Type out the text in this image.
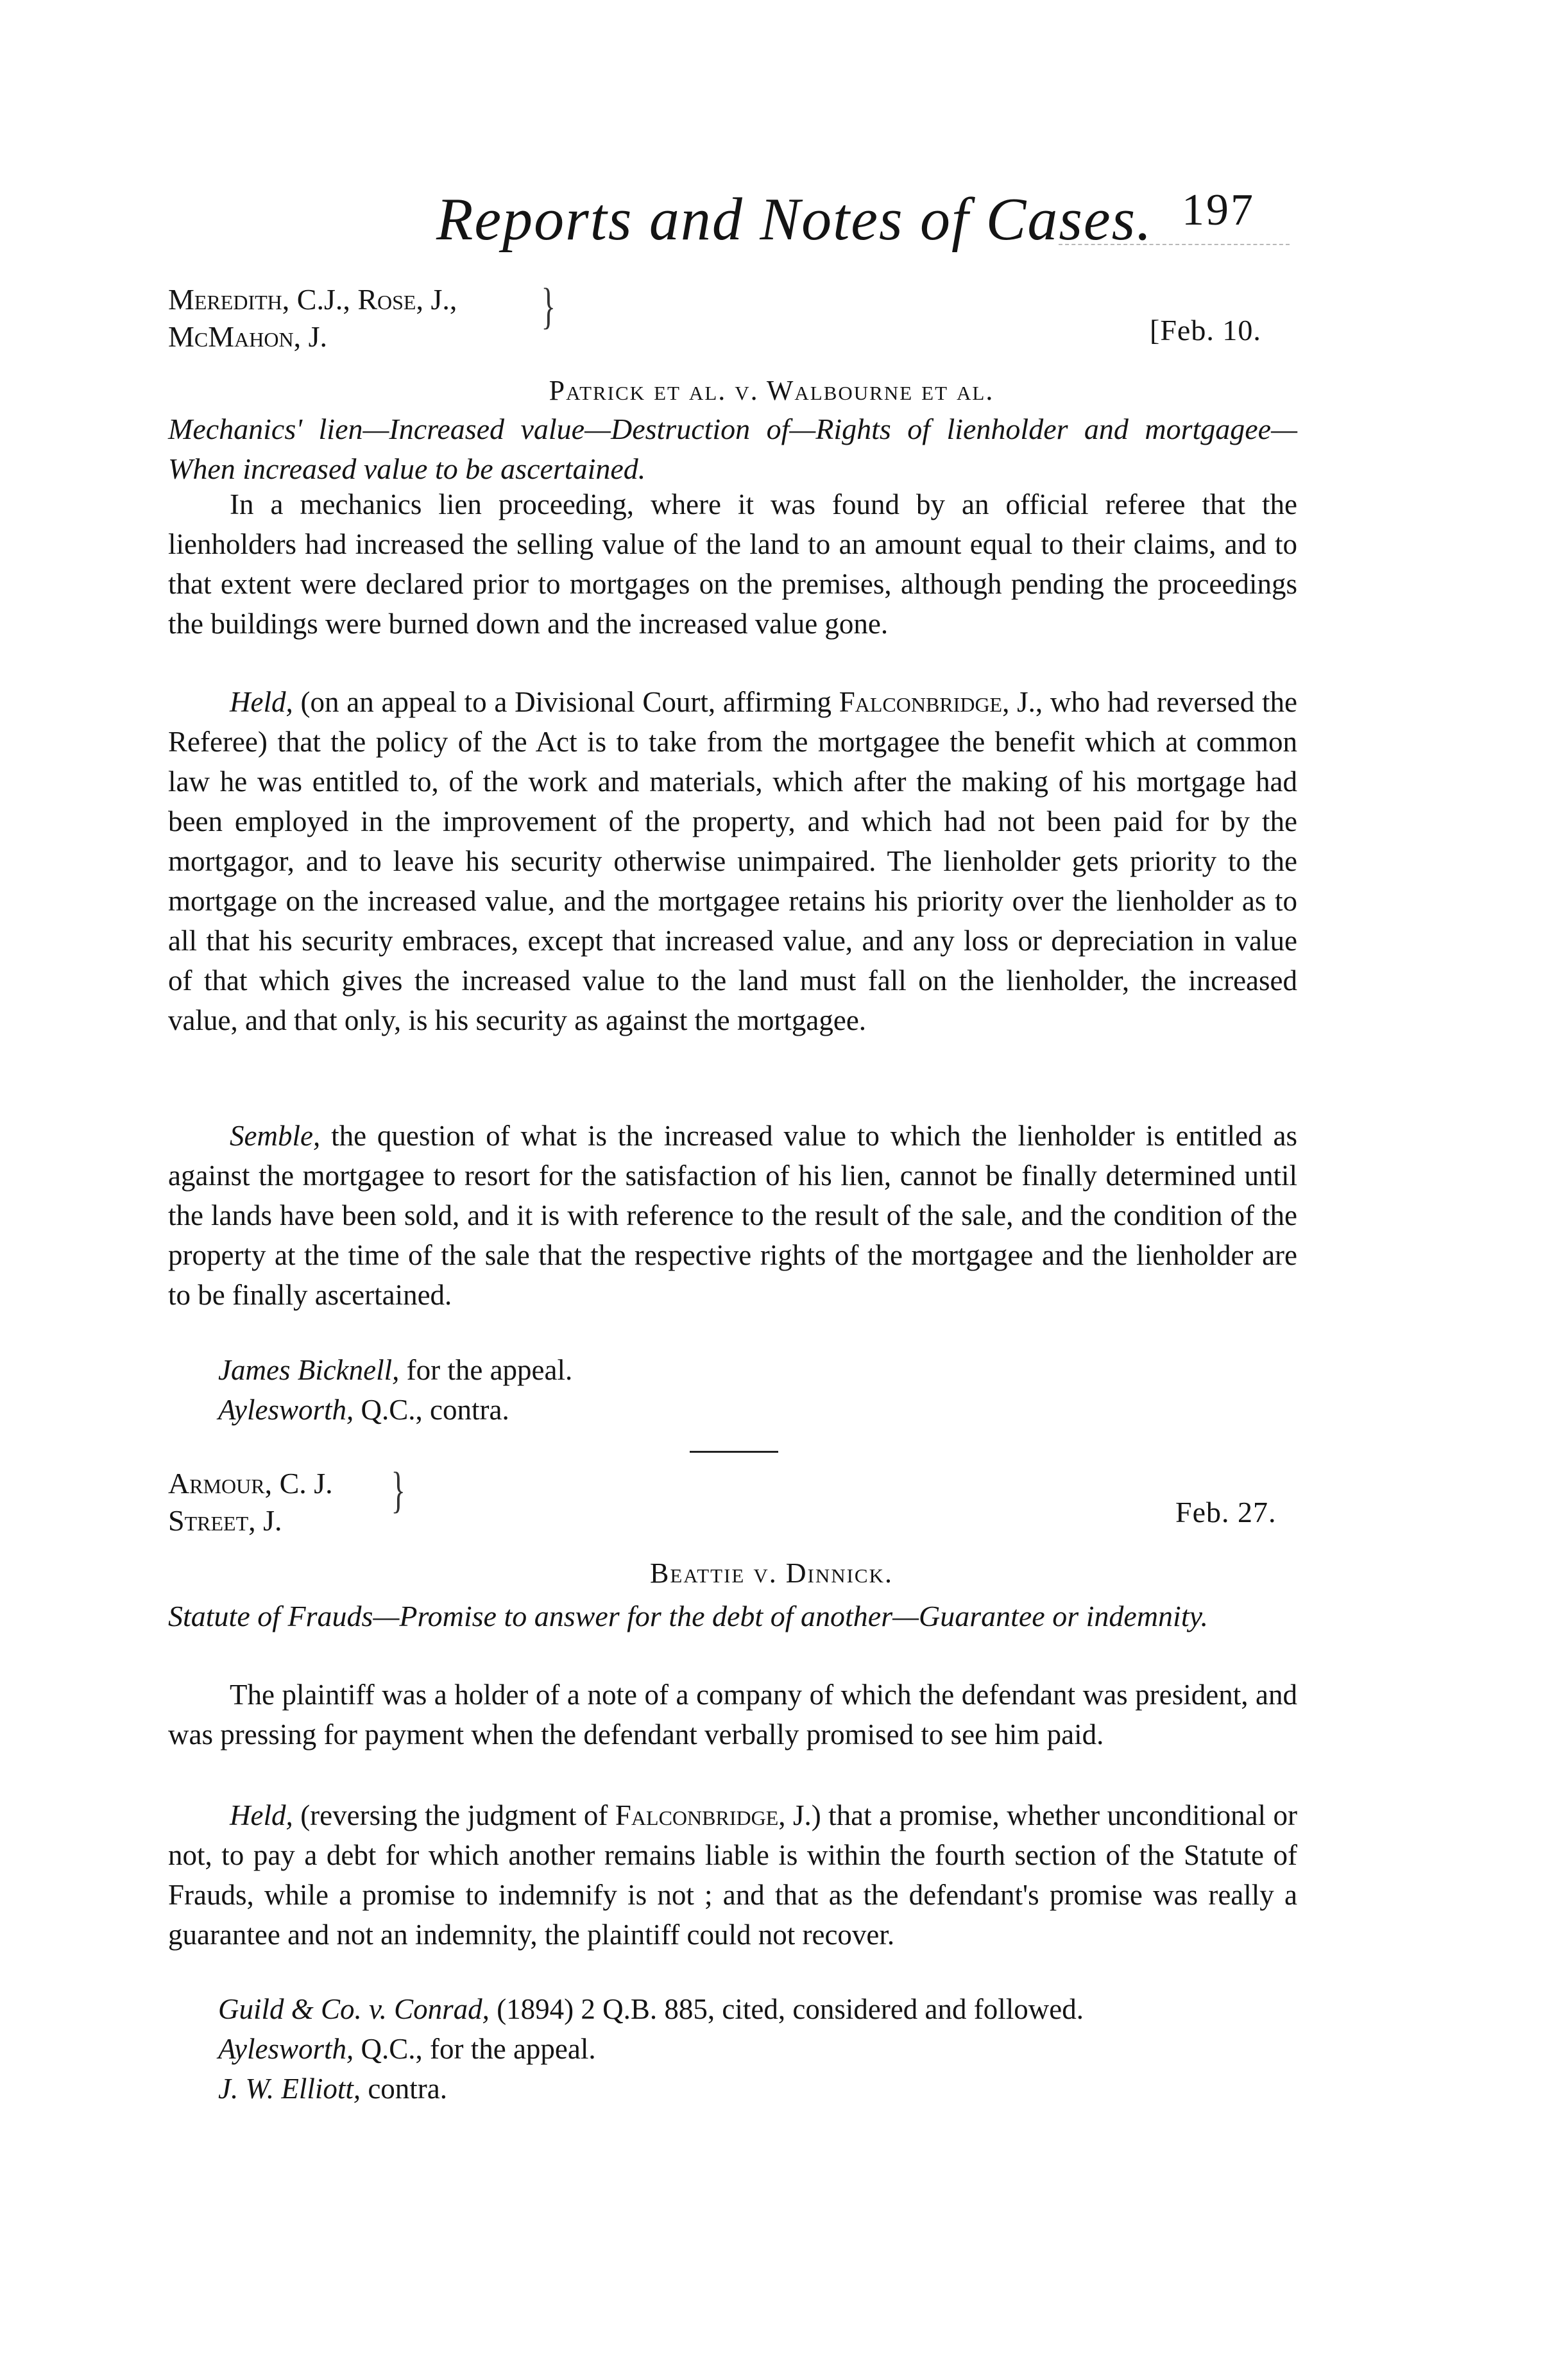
Reports and Notes of Cases. 197
Meredith, C.J., Rose, J.,
McMahon, J.
}	[Feb. 10.
Patrick et al. v. Walbourne et al.
Mechanics' lien—Increased value—Destruction of—Rights of lienholder and mortgagee—When increased value to be ascertained.
In a mechanics lien proceeding, where it was found by an official referee that the lienholders had increased the selling value of the land to an amount equal to their claims, and to that extent were declared prior to mortgages on the premises, although pending the proceedings the buildings were burned down and the increased value gone.
Held, (on an appeal to a Divisional Court, affirming Falconbridge, J., who had reversed the Referee) that the policy of the Act is to take from the mortgagee the benefit which at common law he was entitled to, of the work and materials, which after the making of his mortgage had been employed in the improvement of the property, and which had not been paid for by the mortgagor, and to leave his security otherwise unimpaired. The lienholder gets priority to the mortgage on the increased value, and the mortgagee retains his priority over the lienholder as to all that his security embraces, except that increased value, and any loss or depreciation in value of that which gives the increased value to the land must fall on the lienholder, the increased value, and that only, is his security as against the mortgagee.
Semble, the question of what is the increased value to which the lienholder is entitled as against the mortgagee to resort for the satisfaction of his lien, cannot be finally determined until the lands have been sold, and it is with reference to the result of the sale, and the condition of the property at the time of the sale that the respective rights of the mortgagee and the lienholder are to be finally ascertained.
James Bicknell, for the appeal.
Aylesworth, Q.C., contra.
Armour, C. J.
Street, J.
}	Feb. 27.
Beattie v. Dinnick.
Statute of Frauds—Promise to answer for the debt of another—Guarantee or indemnity.
The plaintiff was a holder of a note of a company of which the defendant was president, and was pressing for payment when the defendant verbally promised to see him paid.
Held, (reversing the judgment of Falconbridge, J.) that a promise, whether unconditional or not, to pay a debt for which another remains liable is within the fourth section of the Statute of Frauds, while a promise to indemnify is not ; and that as the defendant's promise was really a guarantee and not an indemnity, the plaintiff could not recover.
Guild & Co. v. Conrad, (1894) 2 Q.B. 885, cited, considered and followed.
Aylesworth, Q.C., for the appeal.
J. W. Elliott, contra.
